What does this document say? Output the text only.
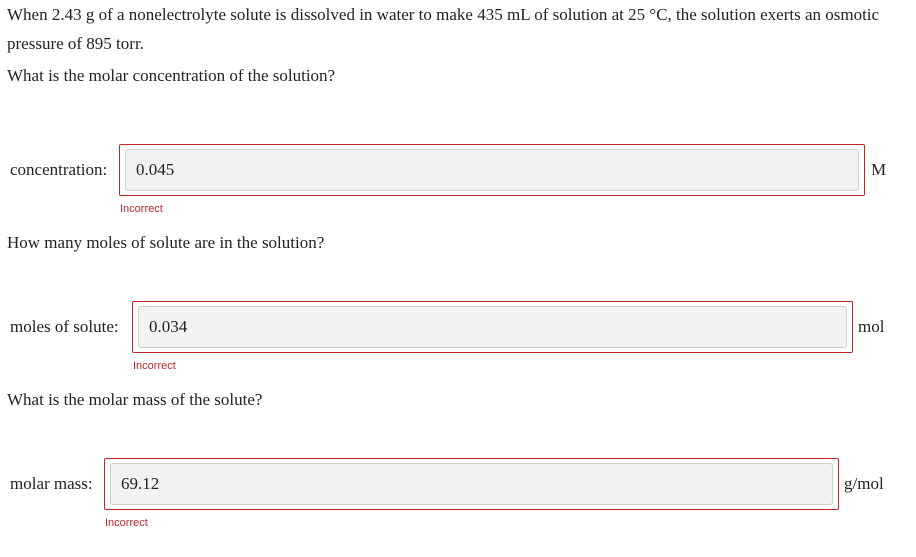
When 2.43 g of a nonelectrolyte solute is dissolved in water to make 435 mL of solution at 25 °C, the solution exerts an osmotic pressure of 895 torr.

What is the molar concentration of the solution?

concentration:
0.045	M
Incorrect

How many moles of solute are in the solution?

moles of solute:
0.034	mol
Incorrect

What is the molar mass of the solute?

molar mass:
69.12	g/mol
Incorrect
